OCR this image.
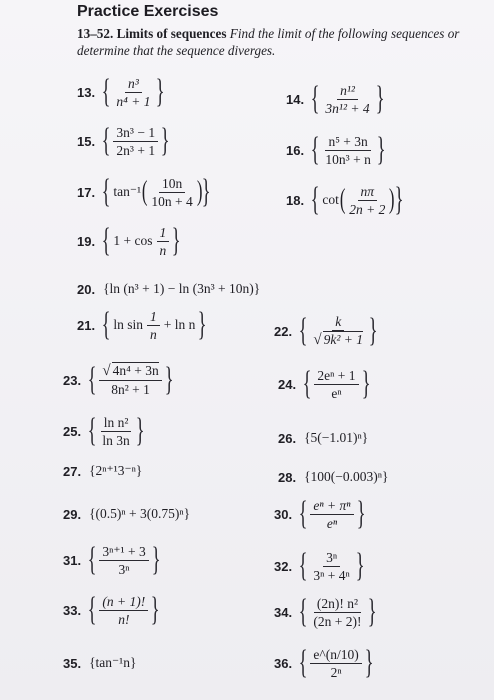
Practice Exercises
13–52. Limits of sequences Find the limit of the following sequences or determine that the sequence diverges.
13. { $\frac{\text{n³}}{\text{n⁴ + 1}}$ }	14. { $\frac{\text{n¹²}}{\text{3n¹² + 4}}$ }
15. { $\frac{\text{3n³ − 1}}{\text{2n³ + 1}}$ }	16. { $\frac{\text{n⁵ + 3n}}{\text{10n³ + n}}$ }
17. { tan⁻¹ ( $\frac{10n}{10n + 4}$ ) }	18. { cot ( $\frac{n\pi}{2n + 2}$ ) }
19. { $1 + \cos \frac{1}{n}$ }
20. {ln (n³ + 1) − ln (3n³ + 10n)}
21. { $\ln \sin \frac{1}{n} + \ln n$ }	22. { $\frac{k}{\text{√ 9k² + 1}}$ }
23. { $\frac{\text{√ 4n⁴ + 3n}}{\text{8n² + 1}}$ }	24. { $\frac{\text{2eⁿ + 1}}{\text{eⁿ}}$ }
25. { $\frac{\text{ln n²}}{\ln 3n}$ }	26. {5(−1.01)ⁿ}
27. {2ⁿ⁺¹3⁻ⁿ}	28. {100(−0.003)ⁿ}
29. {(0.5)ⁿ + 3(0.75)ⁿ}	30. { $\frac{\text{eⁿ + πⁿ}}{\text{eⁿ}}$ }
31. { $\frac{\text{3ⁿ⁺¹ + 3}}{\text{3ⁿ}}$ }	32. { $\frac{\text{3ⁿ}}{\text{3ⁿ + 4ⁿ}}$ }
33. { $\frac{(n + 1)!}{n!}$ }	34. { $\frac{\text{(2n)! n²}}{(2n + 2)!}$ }
35. {tan⁻¹n}	36. { $\frac{e\^{}(n/10)}{\text{2ⁿ}}$ }
